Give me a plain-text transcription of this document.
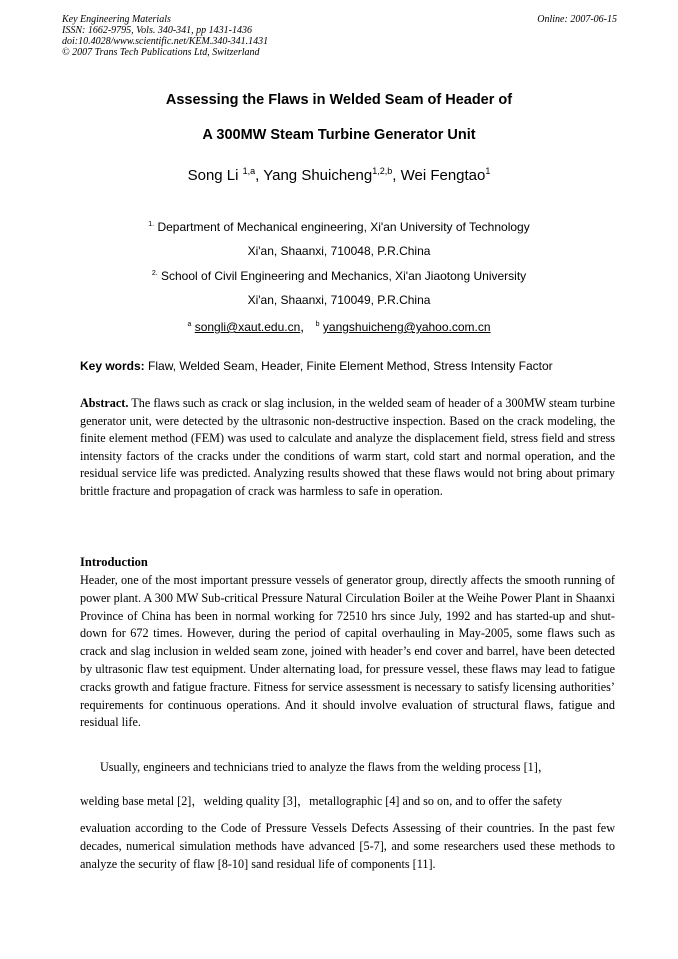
Key Engineering Materials
ISSN: 1662-9795, Vols. 340-341, pp 1431-1436
doi:10.4028/www.scientific.net/KEM.340-341.1431
© 2007 Trans Tech Publications Ltd, Switzerland
Online: 2007-06-15
Assessing the Flaws in Welded Seam of Header of
A 300MW Steam Turbine Generator Unit
Song Li $^{1,a}$, Yang Shuicheng$^{1,2,b}$, Wei Fengtao$^1$
$^{1.}$ Department of Mechanical engineering, Xi'an University of Technology
Xi'an, Shaanxi, 710048, P.R.China
$^{2.}$ School of Civil Engineering and Mechanics, Xi'an Jiaotong University
Xi'an, Shaanxi, 710049, P.R.China
$^a$ songli@xaut.edu.cn， $^b$ yangshuicheng@yahoo.com.cn
Key words: Flaw, Welded Seam, Header, Finite Element Method, Stress Intensity Factor
Abstract. The flaws such as crack or slag inclusion, in the welded seam of header of a 300MW steam turbine generator unit, were detected by the ultrasonic non-destructive inspection. Based on the crack modeling, the finite element method (FEM) was used to calculate and analyze the displacement field, stress field and stress intensity factors of the cracks under the conditions of warm start, cold start and normal operation, and the residual service life was predicted. Analyzing results showed that these flaws would not bring about primary brittle fracture and propagation of crack was harmless to safe in operation.
Introduction
Header, one of the most important pressure vessels of generator group, directly affects the smooth running of power plant. A 300 MW Sub-critical Pressure Natural Circulation Boiler at the Weihe Power Plant in Shaanxi Province of China has been in normal working for 72510 hrs since July, 1992 and has started-up and shut-down for 672 times. However, during the period of capital overhauling in May-2005, some flaws such as crack and slag inclusion in welded seam zone, joined with header’s end cover and barrel, have been detected by ultrasonic flaw test equipment. Under alternating load, for pressure vessel, these flaws may lead to fatigue cracks growth and fatigue fracture. Fitness for service assessment is necessary to satisfy licensing authorities’ requirements for continuous operations. And it should involve evaluation of structural flaws, fatigue and residual life.
Usually, engineers and technicians tried to analyze the flaws from the welding process [1]，
welding base metal [2]，welding quality [3]，metallographic [4] and so on, and to offer the safety
evaluation according to the Code of Pressure Vessels Defects Assessing of their countries. In the past few decades, numerical simulation methods have advanced [5-7], and some researchers used these methods to analyze the security of flaw [8-10] sand residual life of components [11].
